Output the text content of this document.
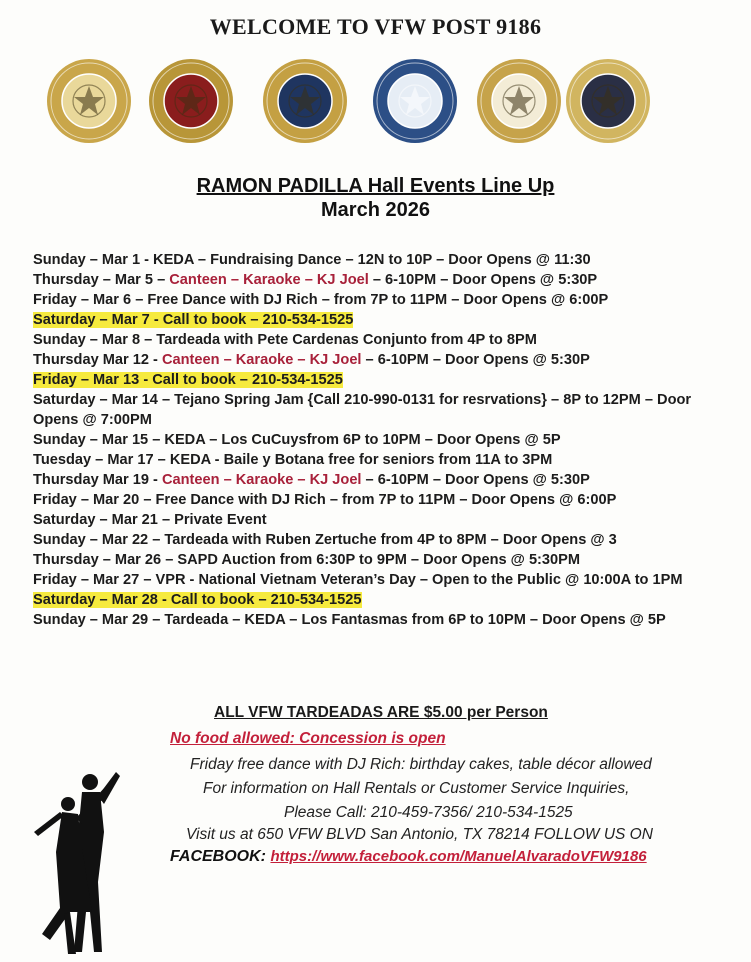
WELCOME TO VFW POST 9186
RAMON PADILLA Hall Events Line Up
March 2026
Sunday – Mar 1 - KEDA – Fundraising Dance – 12N to 10P – Door Opens @ 11:30
Thursday – Mar 5 – Canteen – Karaoke – KJ Joel – 6-10PM – Door Opens @ 5:30P
Friday – Mar 6 – Free Dance with DJ Rich – from 7P to 11PM – Door Opens @ 6:00P
Saturday – Mar 7 - Call to book – 210-534-1525
Sunday – Mar 8 – Tardeada with Pete Cardenas Conjunto from 4P to 8PM
Thursday Mar 12 - Canteen – Karaoke – KJ Joel – 6-10PM – Door Opens @ 5:30P
Friday – Mar 13 - Call to book – 210-534-1525
Saturday – Mar 14 – Tejano Spring Jam {Call 210-990-0131 for resrvations} – 8P to 12PM – Door Opens @ 7:00PM
Sunday – Mar 15 – KEDA – Los CuCuysfrom 6P to 10PM – Door Opens @ 5P
Tuesday – Mar 17 – KEDA - Baile y Botana free for seniors from 11A to 3PM
Thursday Mar 19 - Canteen – Karaoke – KJ Joel – 6-10PM – Door Opens @ 5:30P
Friday – Mar 20 – Free Dance with DJ Rich – from 7P to 11PM – Door Opens @ 6:00P
Saturday – Mar 21 – Private Event
Sunday – Mar 22 – Tardeada with Ruben Zertuche from 4P to 8PM – Door Opens @ 3
Thursday – Mar 26 – SAPD Auction from 6:30P to 9PM – Door Opens @ 5:30PM
Friday – Mar 27 – VPR - National Vietnam Veteran’s Day – Open to the Public @ 10:00A to 1PM
Saturday – Mar 28 - Call to book – 210-534-1525
Sunday – Mar 29 – Tardeada – KEDA – Los Fantasmas from 6P to 10PM – Door Opens @ 5P
ALL VFW TARDEADAS ARE $5.00 per Person
No food allowed: Concession is open
Friday free dance with DJ Rich: birthday cakes, table décor allowed
For information on Hall Rentals or Customer Service Inquiries,
Please Call: 210-459-7356/ 210-534-1525
Visit us at 650 VFW BLVD San Antonio, TX 78214 FOLLOW US ON
FACEBOOK: https://www.facebook.com/ManuelAlvaradoVFW9186
